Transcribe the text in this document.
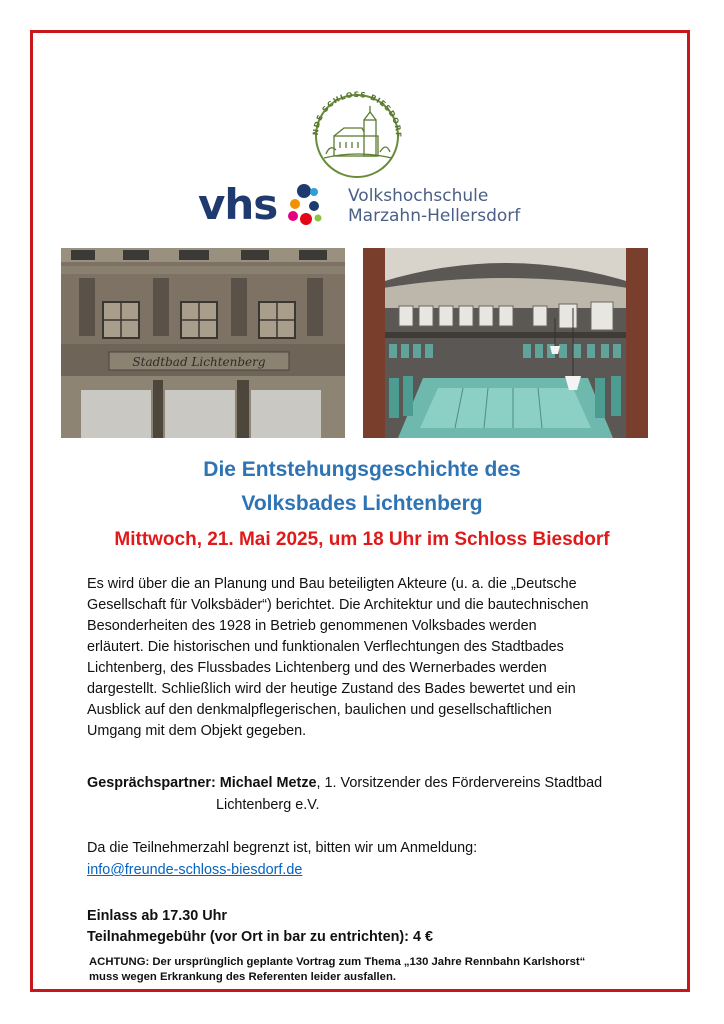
NDE SCHLOSS BIESDORF
vhs	Volkshochschule
Marzahn-Hellersdorf
Stadtbad Lichtenberg
Die Entstehungsgeschichte des
Volksbades Lichtenberg
Mittwoch, 21. Mai 2025, um 18 Uhr im Schloss Biesdorf
Es wird über die an Planung und Bau beteiligten Akteure (u. a. die „Deutsche
Gesellschaft für Volksbäder“) berichtet. Die Architektur und die bautechnischen
Besonderheiten des 1928 in Betrieb genommenen Volksbades werden
erläutert. Die historischen und funktionalen Verflechtungen des Stadtbades
Lichtenberg, des Flussbades Lichtenberg und des Wernerbades werden
dargestellt. Schließlich wird der heutige Zustand des Bades bewertet und ein
Ausblick auf den denkmalpflegerischen, baulichen und gesellschaftlichen
Umgang mit dem Objekt gegeben.
Gesprächspartner: Michael Metze, 1. Vorsitzender des Fördervereins Stadtbad
Lichtenberg e.V.
Da die Teilnehmerzahl begrenzt ist, bitten wir um Anmeldung:
info@freunde-schloss-biesdorf.de
Einlass ab 17.30 Uhr
Teilnahmegebühr (vor Ort in bar zu entrichten): 4 €
ACHTUNG: Der ursprünglich geplante Vortrag zum Thema „130 Jahre Rennbahn Karlshorst“
muss wegen Erkrankung des Referenten leider ausfallen.
